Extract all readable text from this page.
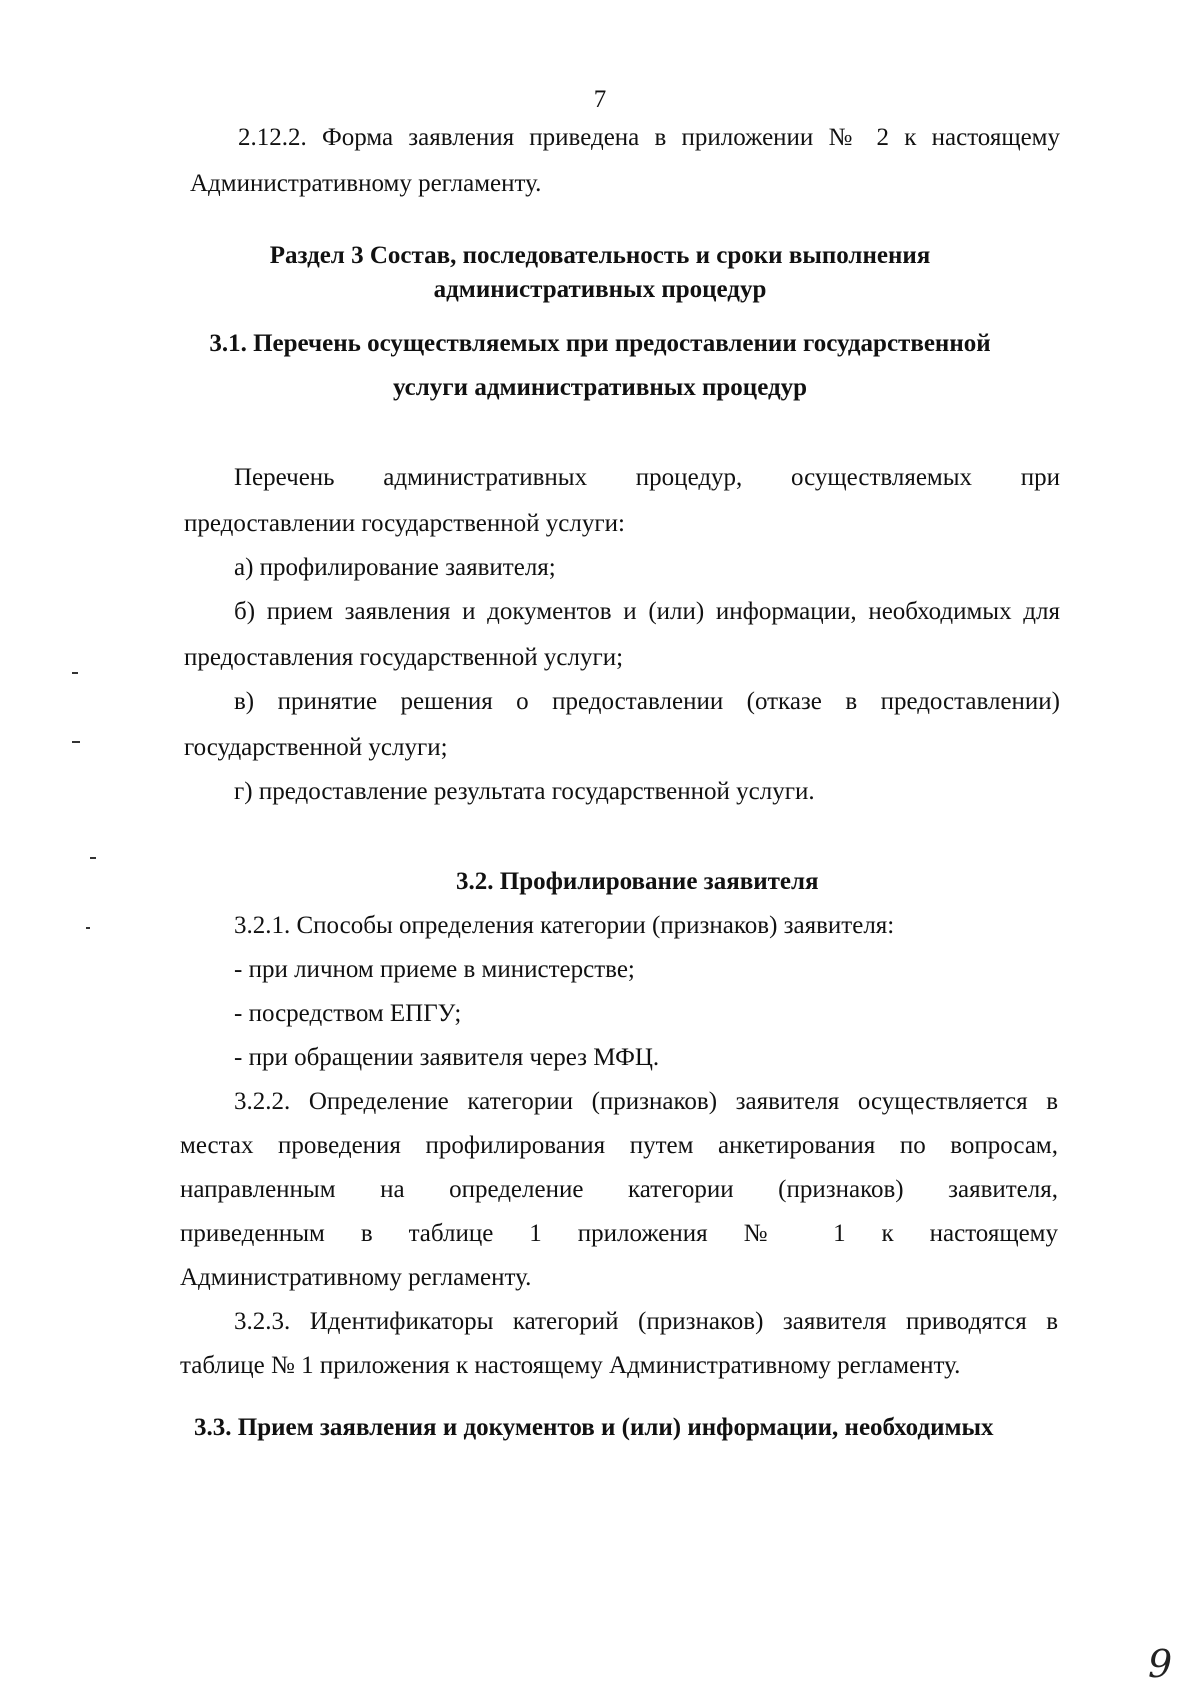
7
2.12.2. Форма заявления приведена в приложении № 2 к настоящему
Административному регламенту.
Раздел 3 Состав, последовательность и сроки выполнения
административных процедур
3.1. Перечень осуществляемых при предоставлении государственной
услуги административных процедур
Перечень административных процедур, осуществляемых при
предоставлении государственной услуги:
а) профилирование заявителя;
б) прием заявления и документов и (или) информации, необходимых для
предоставления государственной услуги;
в) принятие решения о предоставлении (отказе в предоставлении)
государственной услуги;
г) предоставление результата государственной услуги.
3.2. Профилирование заявителя
3.2.1. Способы определения категории (признаков) заявителя:
- при личном приеме в министерстве;
- посредством ЕПГУ;
- при обращении заявителя через МФЦ.
3.2.2. Определение категории (признаков) заявителя осуществляется в
местах проведения профилирования путем анкетирования по вопросам,
направленным на определение категории (признаков) заявителя,
приведенным в таблице 1 приложения № 1 к настоящему
Административному регламенту.
3.2.3. Идентификаторы категорий (признаков) заявителя приводятся в
таблице № 1 приложения к настоящему Административному регламенту.
3.3. Прием заявления и документов и (или) информации, необходимых
9
